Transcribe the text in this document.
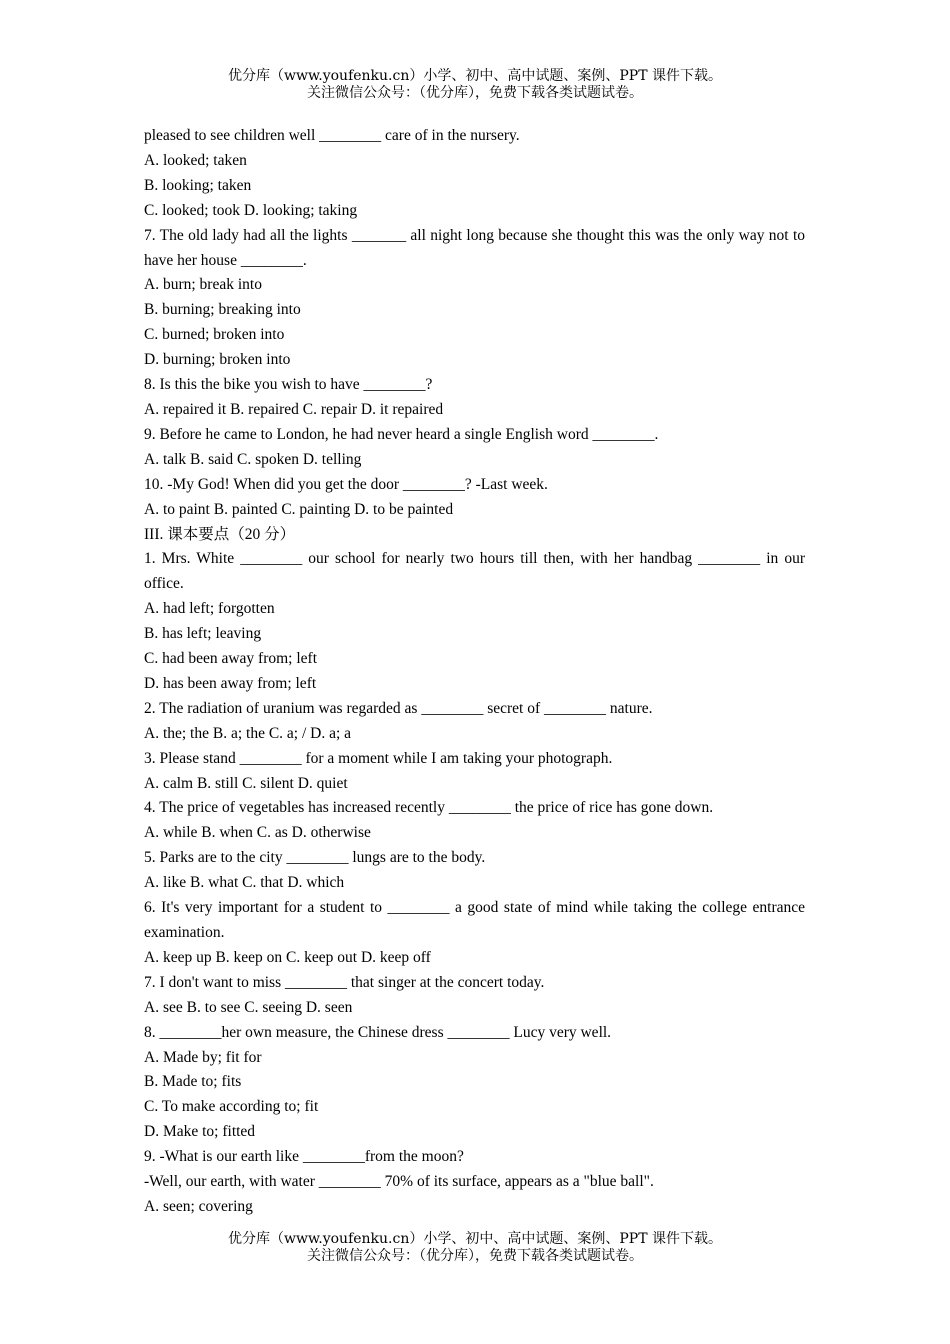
优分库（www.youfenku.cn）小学、初中、高中试题、案例、PPT 课件下载。
关注微信公众号：（优分库），免费下载各类试题试卷。
pleased to see children well ________ care of in the nursery.
A. looked; taken
B. looking; taken
C. looked; took D. looking; taking
7. The old lady had all the lights _______ all night long because she thought this was the only way not to have her house ________.
A. burn; break into
B. burning; breaking into
C. burned; broken into
D. burning; broken into
8. Is this the bike you wish to have ________?
A. repaired it B. repaired C. repair D. it repaired
9. Before he came to London, he had never heard a single English word ________.
A. talk B. said C. spoken D. telling
10. -My God! When did you get the door ________? -Last week.
A. to paint B. painted C. painting D. to be painted
III. 课本要点（20 分）
1. Mrs. White ________ our school for nearly two hours till then, with her handbag ________ in our office.
A. had left; forgotten
B. has left; leaving
C. had been away from; left
D. has been away from; left
2. The radiation of uranium was regarded as ________ secret of ________ nature.
A. the; the B. a; the C. a; / D. a; a
3. Please stand ________ for a moment while I am taking your photograph.
A. calm B. still C. silent D. quiet
4. The price of vegetables has increased recently ________ the price of rice has gone down.
A. while B. when C. as D. otherwise
5. Parks are to the city ________ lungs are to the body.
A. like B. what C. that D. which
6. It's very important for a student to ________ a good state of mind while taking the college entrance examination.
A. keep up B. keep on C. keep out D. keep off
7. I don't want to miss ________ that singer at the concert today.
A. see B. to see C. seeing D. seen
8. ________her own measure, the Chinese dress ________ Lucy very well.
A. Made by; fit for
B. Made to; fits
C. To make according to; fit
D. Make to; fitted
9. -What is our earth like ________from the moon?
-Well, our earth, with water ________ 70% of its surface, appears as a "blue ball".
A. seen; covering
优分库（www.youfenku.cn）小学、初中、高中试题、案例、PPT 课件下载。
关注微信公众号：（优分库），免费下载各类试题试卷。
